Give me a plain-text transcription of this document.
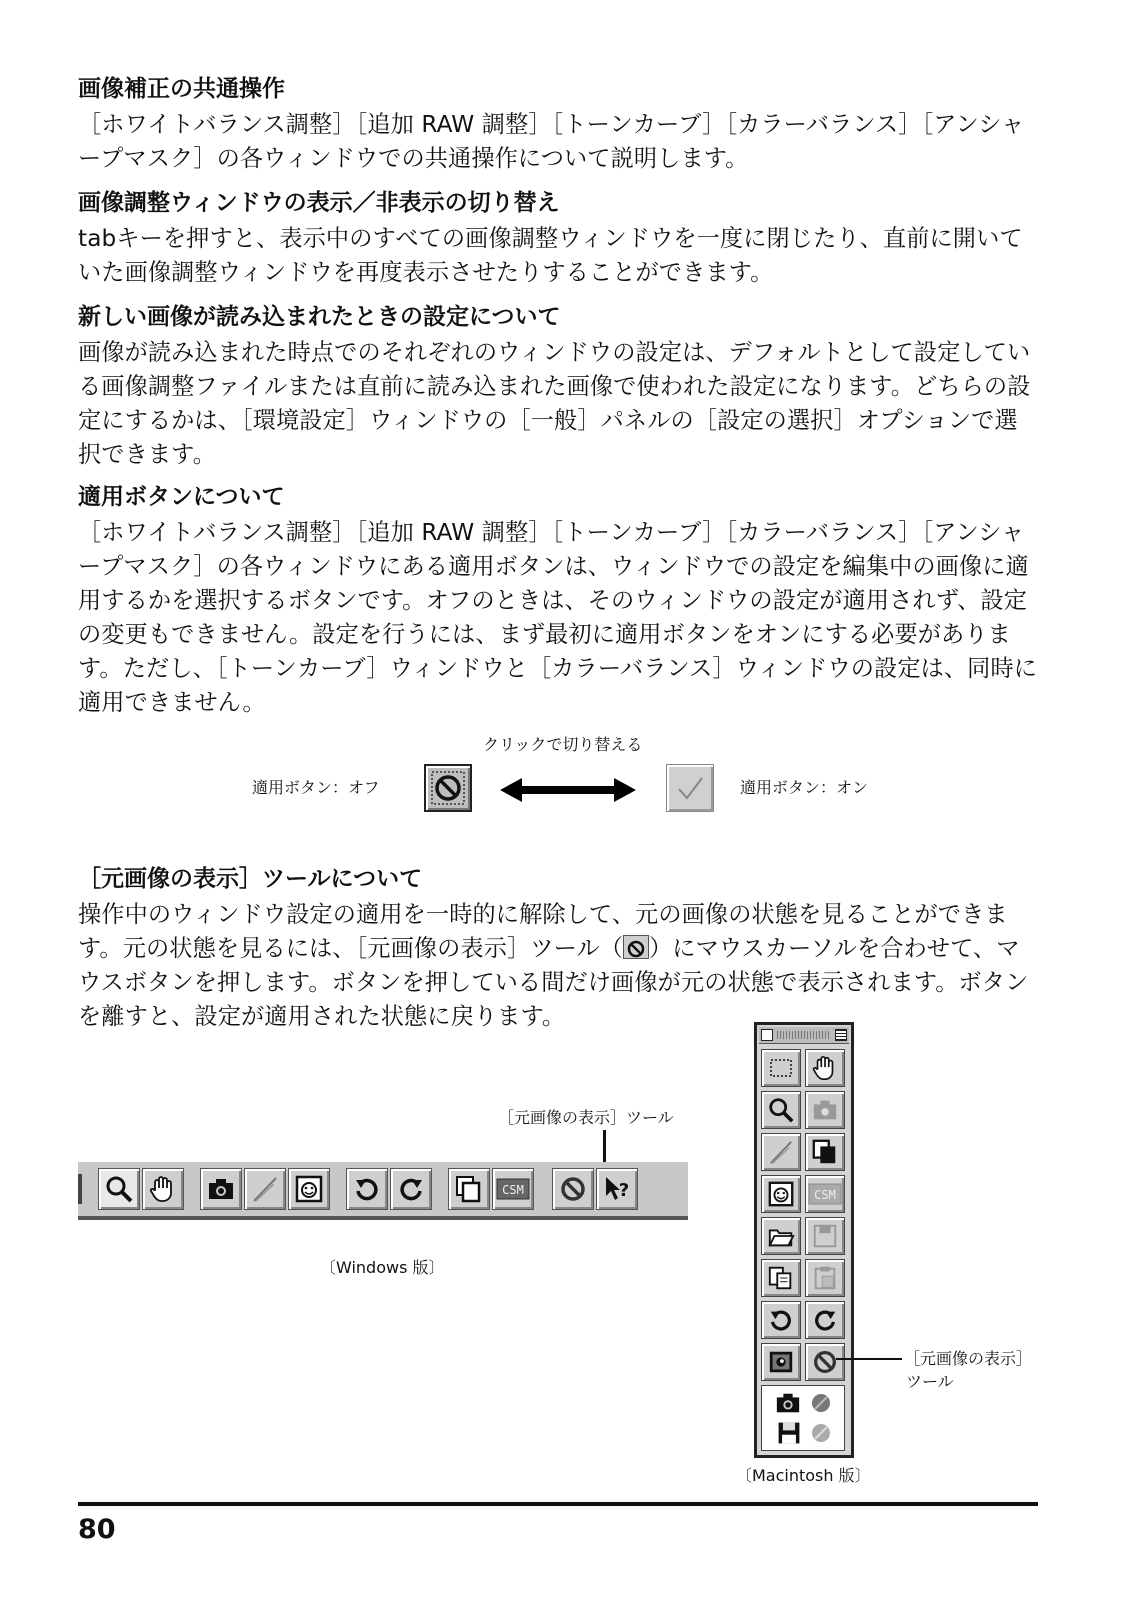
画像補正の共通操作
［ホワイトバランス調整］［追加 RAW 調整］［トーンカーブ］［カラーバランス］［アンシャープマスク］の各ウィンドウでの共通操作について説明します。
画像調整ウィンドウの表示／非表示の切り替え
tabキーを押すと、表示中のすべての画像調整ウィンドウを一度に閉じたり、直前に開いていた画像調整ウィンドウを再度表示させたりすることができます。
新しい画像が読み込まれたときの設定について
画像が読み込まれた時点でのそれぞれのウィンドウの設定は、デフォルトとして設定している画像調整ファイルまたは直前に読み込まれた画像で使われた設定になります。どちらの設定にするかは、［環境設定］ウィンドウの［一般］パネルの［設定の選択］オプションで選択できます。
適用ボタンについて
［ホワイトバランス調整］［追加 RAW 調整］［トーンカーブ］［カラーバランス］［アンシャープマスク］の各ウィンドウにある適用ボタンは、ウィンドウでの設定を編集中の画像に適用するかを選択するボタンです。オフのときは、そのウィンドウの設定が適用されず、設定の変更もできません。設定を行うには、まず最初に適用ボタンをオンにする必要があります。ただし、［トーンカーブ］ウィンドウと［カラーバランス］ウィンドウの設定は、同時に適用できません。
クリックで切り替える
適用ボタン：オフ	適用ボタン：オン
［元画像の表示］ツールについて
操作中のウィンドウ設定の適用を一時的に解除して、元の画像の状態を見ることができます。元の状態を見るには、［元画像の表示］ツール（ ）にマウスカーソルを合わせて、マウスボタンを押します。ボタンを押している間だけ画像が元の状態で表示されます。ボタンを離すと、設定が適用された状態に戻ります。
［元画像の表示］ツール
CSM	?
〔Windows 版〕
CSM
［元画像の表示］
ツール
〔Macintosh 版〕
80
